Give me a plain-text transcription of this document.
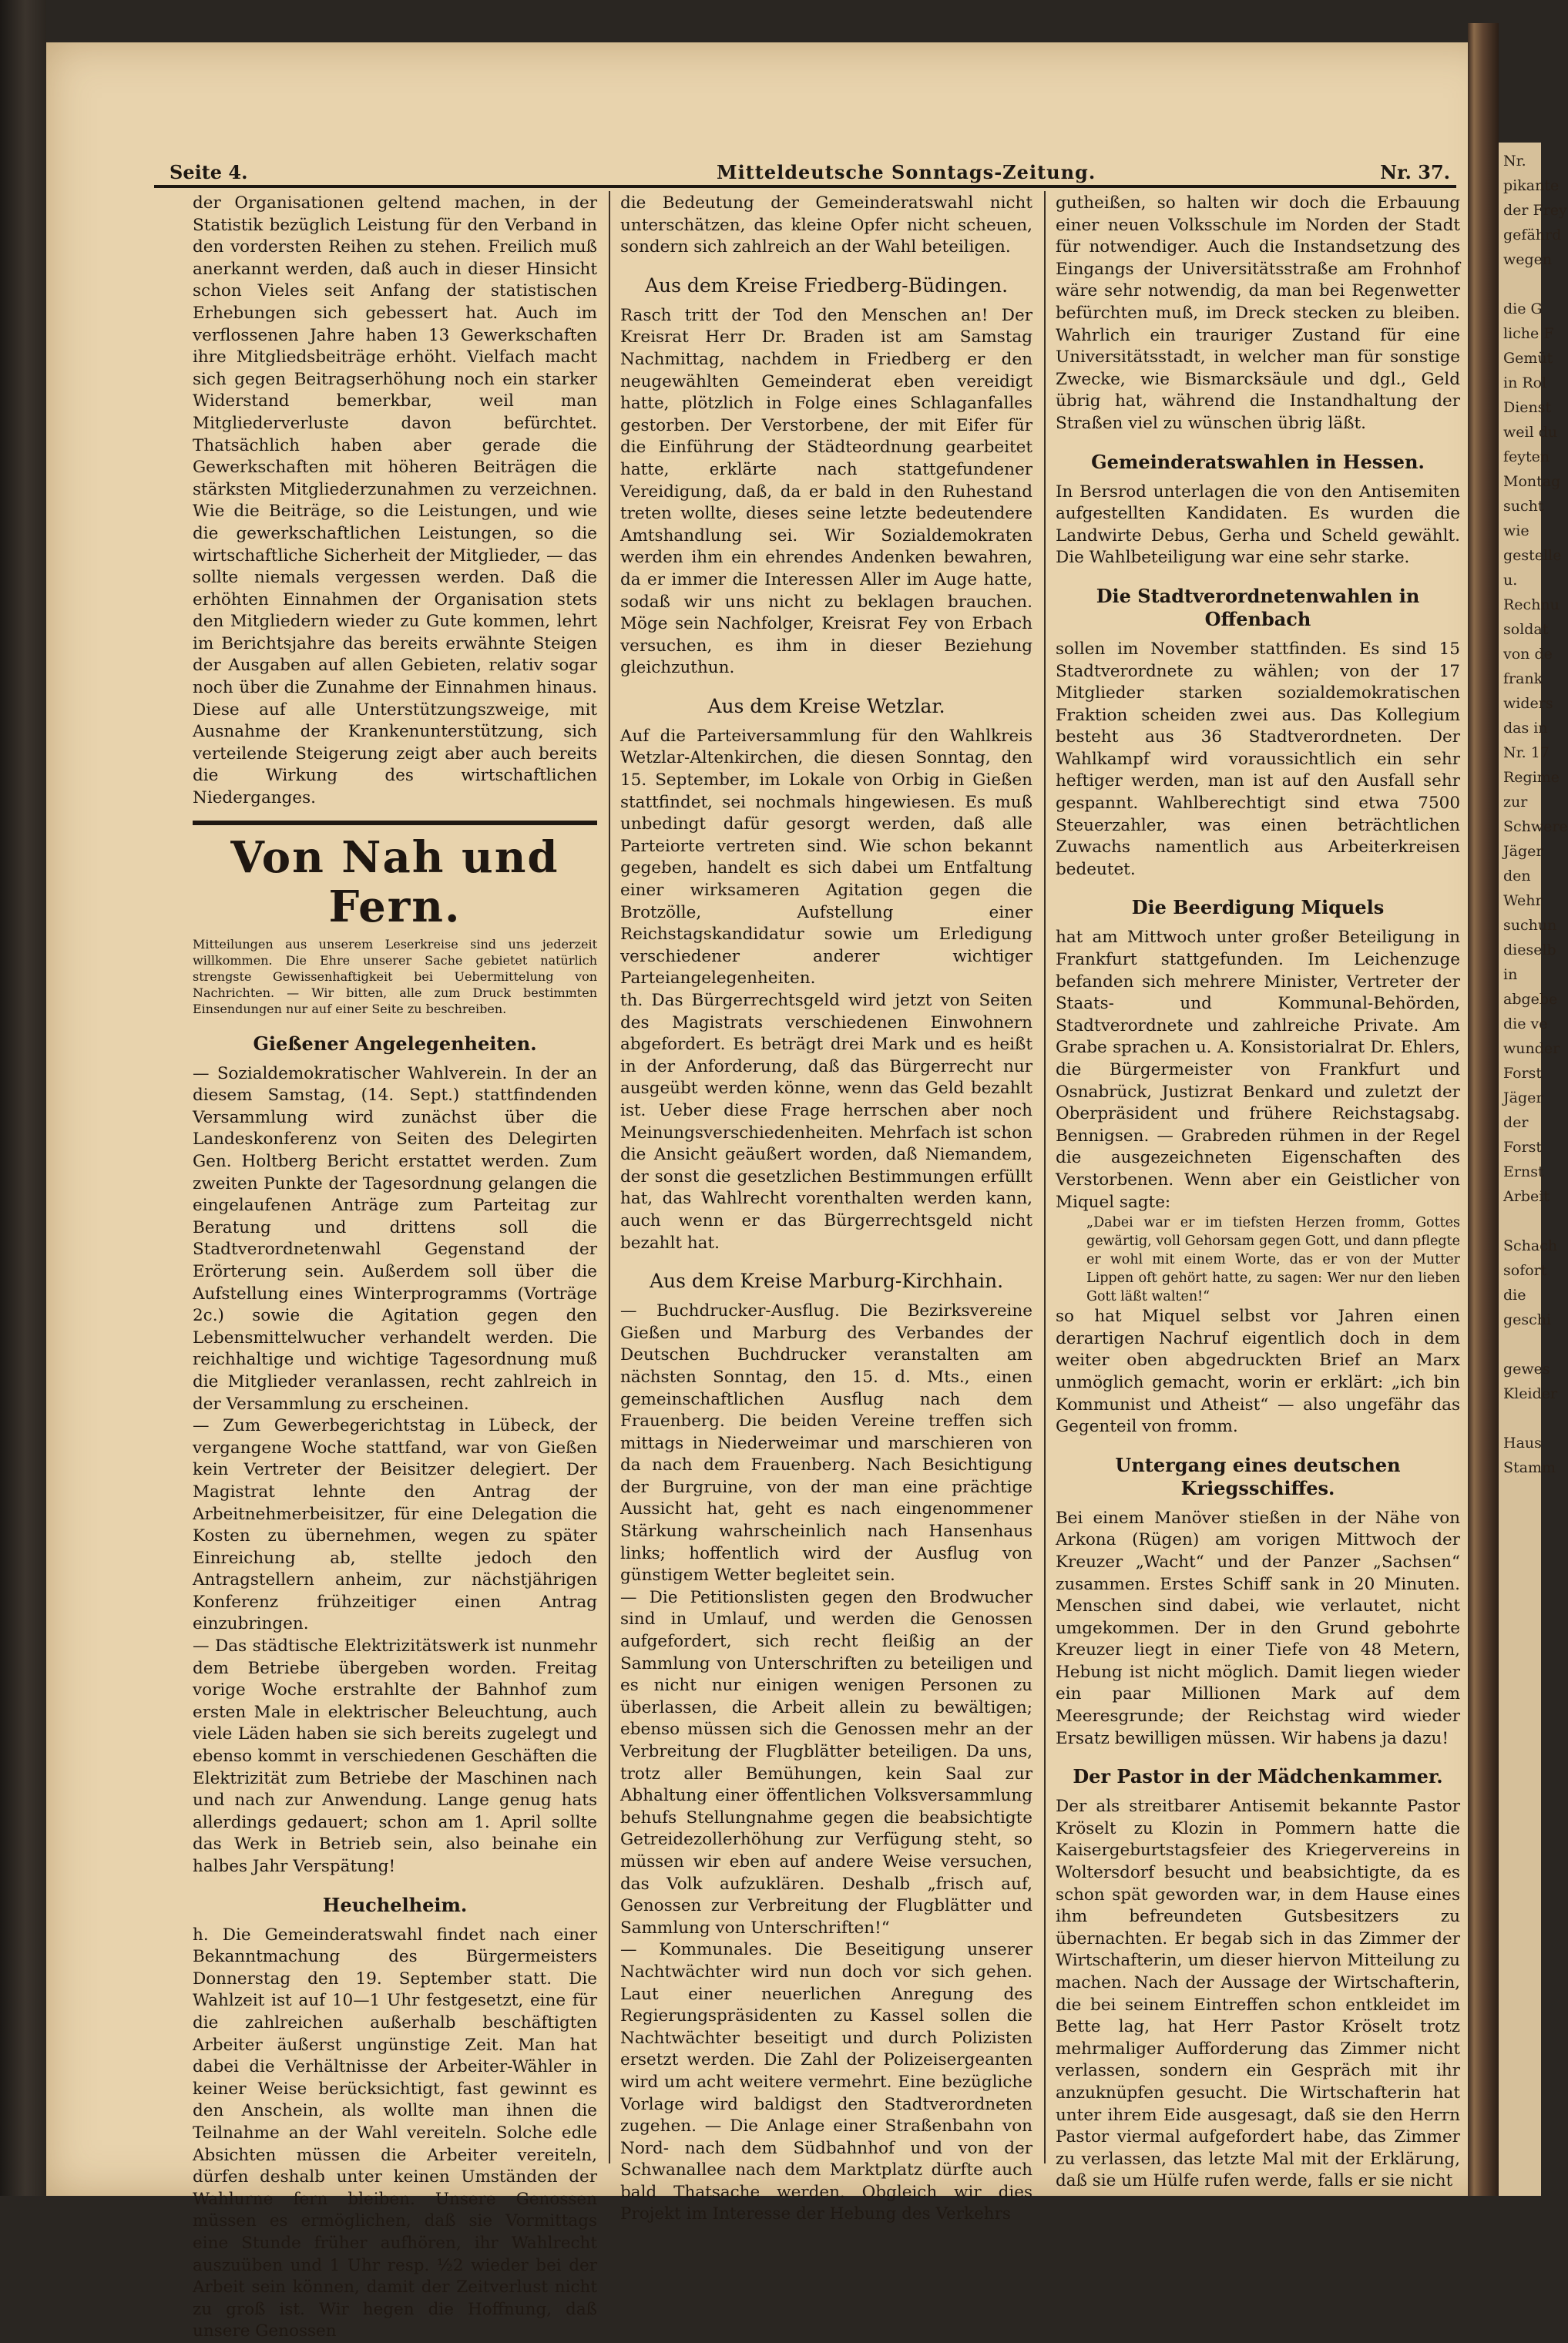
Nr.
pikante
der Frey
gefährd
wegen

die G
liche F
Gemüt
in Rol
Dienst
weil du
feyten
Montag
sucht
wie
gestelle
u.
Rechnu
soldat
von de
frank
widers
das in
Nr. 17
Regime
zur
Schwere
Jäger
den
Wehr
suchun
dieselb
in
abgebe
die ve
wunder
Forst
Jäger
der
Forst
Ernst
Arbeit

Schach
sofort
die
geschi

gewes
Kleider

Haus
Stamm
Seite 4.	Mitteldeutsche Sonntags-Zeitung.	Nr. 37.

der Organisationen geltend machen, in der Statistik bezüglich Leistung für den Verband in den vordersten Reihen zu stehen. Freilich muß anerkannt werden, daß auch in dieser Hinsicht schon Vieles seit Anfang der statistischen Erhebungen sich gebessert hat. Auch im verflossenen Jahre haben 13 Gewerkschaften ihre Mitgliedsbeiträge erhöht. Vielfach macht sich gegen Beitragserhöhung noch ein starker Widerstand bemerkbar, weil man Mitgliederverluste davon befürchtet. Thatsächlich haben aber gerade die Gewerkschaften mit höheren Beiträgen die stärksten Mitgliederzunahmen zu verzeichnen. Wie die Beiträge, so die Leistungen, und wie die gewerkschaftlichen Leistungen, so die wirtschaftliche Sicherheit der Mitglieder, — das sollte niemals vergessen werden. Daß die erhöhten Einnahmen der Organisation stets den Mitgliedern wieder zu Gute kommen, lehrt im Berichtsjahre das bereits erwähnte Steigen der Ausgaben auf allen Gebieten, relativ sogar noch über die Zunahme der Einnahmen hinaus. Diese auf alle Unterstützungszweige, mit Ausnahme der Krankenunterstützung, sich verteilende Steigerung zeigt aber auch bereits die Wirkung des wirtschaftlichen Niederganges.

Von Nah und Fern.

Mitteilungen aus unserem Leserkreise sind uns jederzeit willkommen. Die Ehre unserer Sache gebietet natürlich strengste Gewissenhaftigkeit bei Uebermittelung von Nachrichten. — Wir bitten, alle zum Druck bestimmten Einsendungen nur auf einer Seite zu beschreiben.

Gießener Angelegenheiten.

— Sozialdemokratischer Wahlverein. In der an diesem Samstag, (14. Sept.) stattfindenden Versammlung wird zunächst über die Landeskonferenz von Seiten des Delegirten Gen. Holtberg Bericht erstattet werden. Zum zweiten Punkte der Tagesordnung gelangen die eingelaufenen Anträge zum Parteitag zur Beratung und drittens soll die Stadtverordnetenwahl Gegenstand der Erörterung sein. Außerdem soll über die Aufstellung eines Winterprogramms (Vorträge 2c.) sowie die Agitation gegen den Lebensmittelwucher verhandelt werden. Die reichhaltige und wichtige Tagesordnung muß die Mitglieder veranlassen, recht zahlreich in der Versammlung zu erscheinen.

— Zum Gewerbegerichtstag in Lübeck, der vergangene Woche stattfand, war von Gießen kein Vertreter der Beisitzer delegiert. Der Magistrat lehnte den Antrag der Arbeitnehmerbeisitzer, für eine Delegation die Kosten zu übernehmen, wegen zu später Einreichung ab, stellte jedoch den Antragstellern anheim, zur nächstjährigen Konferenz frühzeitiger einen Antrag einzubringen.

— Das städtische Elektrizitätswerk ist nunmehr dem Betriebe übergeben worden. Freitag vorige Woche erstrahlte der Bahnhof zum ersten Male in elektrischer Beleuchtung, auch viele Läden haben sie sich bereits zugelegt und ebenso kommt in verschiedenen Geschäften die Elektrizität zum Betriebe der Maschinen nach und nach zur Anwendung. Lange genug hats allerdings gedauert; schon am 1. April sollte das Werk in Betrieb sein, also beinahe ein halbes Jahr Verspätung!

Heuchelheim.

h. Die Gemeinderatswahl findet nach einer Bekanntmachung des Bürgermeisters Donnerstag den 19. September statt. Die Wahlzeit ist auf 10—1 Uhr festgesetzt, eine für die zahlreichen außerhalb beschäftigten Arbeiter äußerst ungünstige Zeit. Man hat dabei die Verhältnisse der Arbeiter-Wähler in keiner Weise berücksichtigt, fast gewinnt es den Anschein, als wollte man ihnen die Teilnahme an der Wahl vereiteln. Solche edle Absichten müssen die Arbeiter vereiteln, dürfen deshalb unter keinen Umständen der Wahlurne fern bleiben. Unsere Genossen müssen es ermöglichen, daß sie Vormittags eine Stunde früher aufhören, ihr Wahlrecht auszuüben und 1 Uhr resp. ½2 wieder bei der Arbeit sein können, damit der Zeitverlust nicht zu groß ist. Wir hegen die Hoffnung, daß unsere Genossen

die Bedeutung der Gemeinderatswahl nicht unterschätzen, das kleine Opfer nicht scheuen, sondern sich zahlreich an der Wahl beteiligen.

Aus dem Kreise Friedberg-Büdingen.

Rasch tritt der Tod den Menschen an! Der Kreisrat Herr Dr. Braden ist am Samstag Nachmittag, nachdem in Friedberg er den neugewählten Gemeinderat eben vereidigt hatte, plötzlich in Folge eines Schlaganfalles gestorben. Der Verstorbene, der mit Eifer für die Einführung der Städteordnung gearbeitet hatte, erklärte nach stattgefundener Vereidigung, daß, da er bald in den Ruhestand treten wollte, dieses seine letzte bedeutendere Amtshandlung sei. Wir Sozialdemokraten werden ihm ein ehrendes Andenken bewahren, da er immer die Interessen Aller im Auge hatte, sodaß wir uns nicht zu beklagen brauchen. Möge sein Nachfolger, Kreisrat Fey von Erbach versuchen, es ihm in dieser Beziehung gleichzuthun.

Aus dem Kreise Wetzlar.

Auf die Parteiversammlung für den Wahlkreis Wetzlar-Altenkirchen, die diesen Sonntag, den 15. September, im Lokale von Orbig in Gießen stattfindet, sei nochmals hingewiesen. Es muß unbedingt dafür gesorgt werden, daß alle Parteiorte vertreten sind. Wie schon bekannt gegeben, handelt es sich dabei um Entfaltung einer wirksameren Agitation gegen die Brotzölle, Aufstellung einer Reichstagskandidatur sowie um Erledigung verschiedener anderer wichtiger Parteiangelegenheiten.

th. Das Bürgerrechtsgeld wird jetzt von Seiten des Magistrats verschiedenen Einwohnern abgefordert. Es beträgt drei Mark und es heißt in der Anforderung, daß das Bürgerrecht nur ausgeübt werden könne, wenn das Geld bezahlt ist. Ueber diese Frage herrschen aber noch Meinungsverschiedenheiten. Mehrfach ist schon die Ansicht geäußert worden, daß Niemandem, der sonst die gesetzlichen Bestimmungen erfüllt hat, das Wahlrecht vorenthalten werden kann, auch wenn er das Bürgerrechtsgeld nicht bezahlt hat.

Aus dem Kreise Marburg-Kirchhain.

— Buchdrucker-Ausflug. Die Bezirksvereine Gießen und Marburg des Verbandes der Deutschen Buchdrucker veranstalten am nächsten Sonntag, den 15. d. Mts., einen gemeinschaftlichen Ausflug nach dem Frauenberg. Die beiden Vereine treffen sich mittags in Niederweimar und marschieren von da nach dem Frauenberg. Nach Besichtigung der Burgruine, von der man eine prächtige Aussicht hat, geht es nach eingenommener Stärkung wahrscheinlich nach Hansenhaus links; hoffentlich wird der Ausflug von günstigem Wetter begleitet sein.

— Die Petitionslisten gegen den Brodwucher sind in Umlauf, und werden die Genossen aufgefordert, sich recht fleißig an der Sammlung von Unterschriften zu beteiligen und es nicht nur einigen wenigen Personen zu überlassen, die Arbeit allein zu bewältigen; ebenso müssen sich die Genossen mehr an der Verbreitung der Flugblätter beteiligen. Da uns, trotz aller Bemühungen, kein Saal zur Abhaltung einer öffentlichen Volksversammlung behufs Stellungnahme gegen die beabsichtigte Getreidezollerhöhung zur Verfügung steht, so müssen wir eben auf andere Weise versuchen, das Volk aufzuklären. Deshalb „frisch auf, Genossen zur Verbreitung der Flugblätter und Sammlung von Unterschriften!“

— Kommunales. Die Beseitigung unserer Nachtwächter wird nun doch vor sich gehen. Laut einer neuerlichen Anregung des Regierungspräsidenten zu Kassel sollen die Nachtwächter beseitigt und durch Polizisten ersetzt werden. Die Zahl der Polizeisergeanten wird um acht weitere vermehrt. Eine bezügliche Vorlage wird baldigst den Stadtverordneten zugehen. — Die Anlage einer Straßenbahn von Nord- nach dem Südbahnhof und von der Schwanallee nach dem Marktplatz dürfte auch bald Thatsache werden. Obgleich wir dies Projekt im Interesse der Hebung des Verkehrs

gutheißen, so halten wir doch die Erbauung einer neuen Volksschule im Norden der Stadt für notwendiger. Auch die Instandsetzung des Eingangs der Universitätsstraße am Frohnhof wäre sehr notwendig, da man bei Regenwetter befürchten muß, im Dreck stecken zu bleiben. Wahrlich ein trauriger Zustand für eine Universitätsstadt, in welcher man für sonstige Zwecke, wie Bismarcksäule und dgl., Geld übrig hat, während die Instandhaltung der Straßen viel zu wünschen übrig läßt.

Gemeinderatswahlen in Hessen.

In Bersrod unterlagen die von den Antisemiten aufgestellten Kandidaten. Es wurden die Landwirte Debus, Gerha und Scheld gewählt. Die Wahlbeteiligung war eine sehr starke.

Die Stadtverordnetenwahlen in Offenbach

sollen im November stattfinden. Es sind 15 Stadtverordnete zu wählen; von der 17 Mitglieder starken sozialdemokratischen Fraktion scheiden zwei aus. Das Kollegium besteht aus 36 Stadtverordneten. Der Wahlkampf wird voraussichtlich ein sehr heftiger werden, man ist auf den Ausfall sehr gespannt. Wahlberechtigt sind etwa 7500 Steuerzahler, was einen beträchtlichen Zuwachs namentlich aus Arbeiterkreisen bedeutet.

Die Beerdigung Miquels

hat am Mittwoch unter großer Beteiligung in Frankfurt stattgefunden. Im Leichenzuge befanden sich mehrere Minister, Vertreter der Staats- und Kommunal-Behörden, Stadtverordnete und zahlreiche Private. Am Grabe sprachen u. A. Konsistorialrat Dr. Ehlers, die Bürgermeister von Frankfurt und Osnabrück, Justizrat Benkard und zuletzt der Oberpräsident und frühere Reichstagsabg. Bennigsen. — Grabreden rühmen in der Regel die ausgezeichneten Eigenschaften des Verstorbenen. Wenn aber ein Geistlicher von Miquel sagte:

„Dabei war er im tiefsten Herzen fromm, Gottes gewärtig, voll Gehorsam gegen Gott, und dann pflegte er wohl mit einem Worte, das er von der Mutter Lippen oft gehört hatte, zu sagen: Wer nur den lieben Gott läßt walten!“

so hat Miquel selbst vor Jahren einen derartigen Nachruf eigentlich doch in dem weiter oben abgedruckten Brief an Marx unmöglich gemacht, worin er erklärt: „ich bin Kommunist und Atheist“ — also ungefähr das Gegenteil von fromm.

Untergang eines deutschen Kriegsschiffes.

Bei einem Manöver stießen in der Nähe von Arkona (Rügen) am vorigen Mittwoch der Kreuzer „Wacht“ und der Panzer „Sachsen“ zusammen. Erstes Schiff sank in 20 Minuten. Menschen sind dabei, wie verlautet, nicht umgekommen. Der in den Grund gebohrte Kreuzer liegt in einer Tiefe von 48 Metern, Hebung ist nicht möglich. Damit liegen wieder ein paar Millionen Mark auf dem Meeresgrunde; der Reichstag wird wieder Ersatz bewilligen müssen. Wir habens ja dazu!

Der Pastor in der Mädchenkammer.

Der als streitbarer Antisemit bekannte Pastor Kröselt zu Klozin in Pommern hatte die Kaisergeburtstagsfeier des Kriegervereins in Woltersdorf besucht und beabsichtigte, da es schon spät geworden war, in dem Hause eines ihm befreundeten Gutsbesitzers zu übernachten. Er begab sich in das Zimmer der Wirtschafterin, um dieser hiervon Mitteilung zu machen. Nach der Aussage der Wirtschafterin, die bei seinem Eintreffen schon entkleidet im Bette lag, hat Herr Pastor Kröselt trotz mehrmaliger Aufforderung das Zimmer nicht verlassen, sondern ein Gespräch mit ihr anzuknüpfen gesucht. Die Wirtschafterin hat unter ihrem Eide ausgesagt, daß sie den Herrn Pastor viermal aufgefordert habe, das Zimmer zu verlassen, das letzte Mal mit der Erklärung, daß sie um Hülfe rufen werde, falls er sie nicht
